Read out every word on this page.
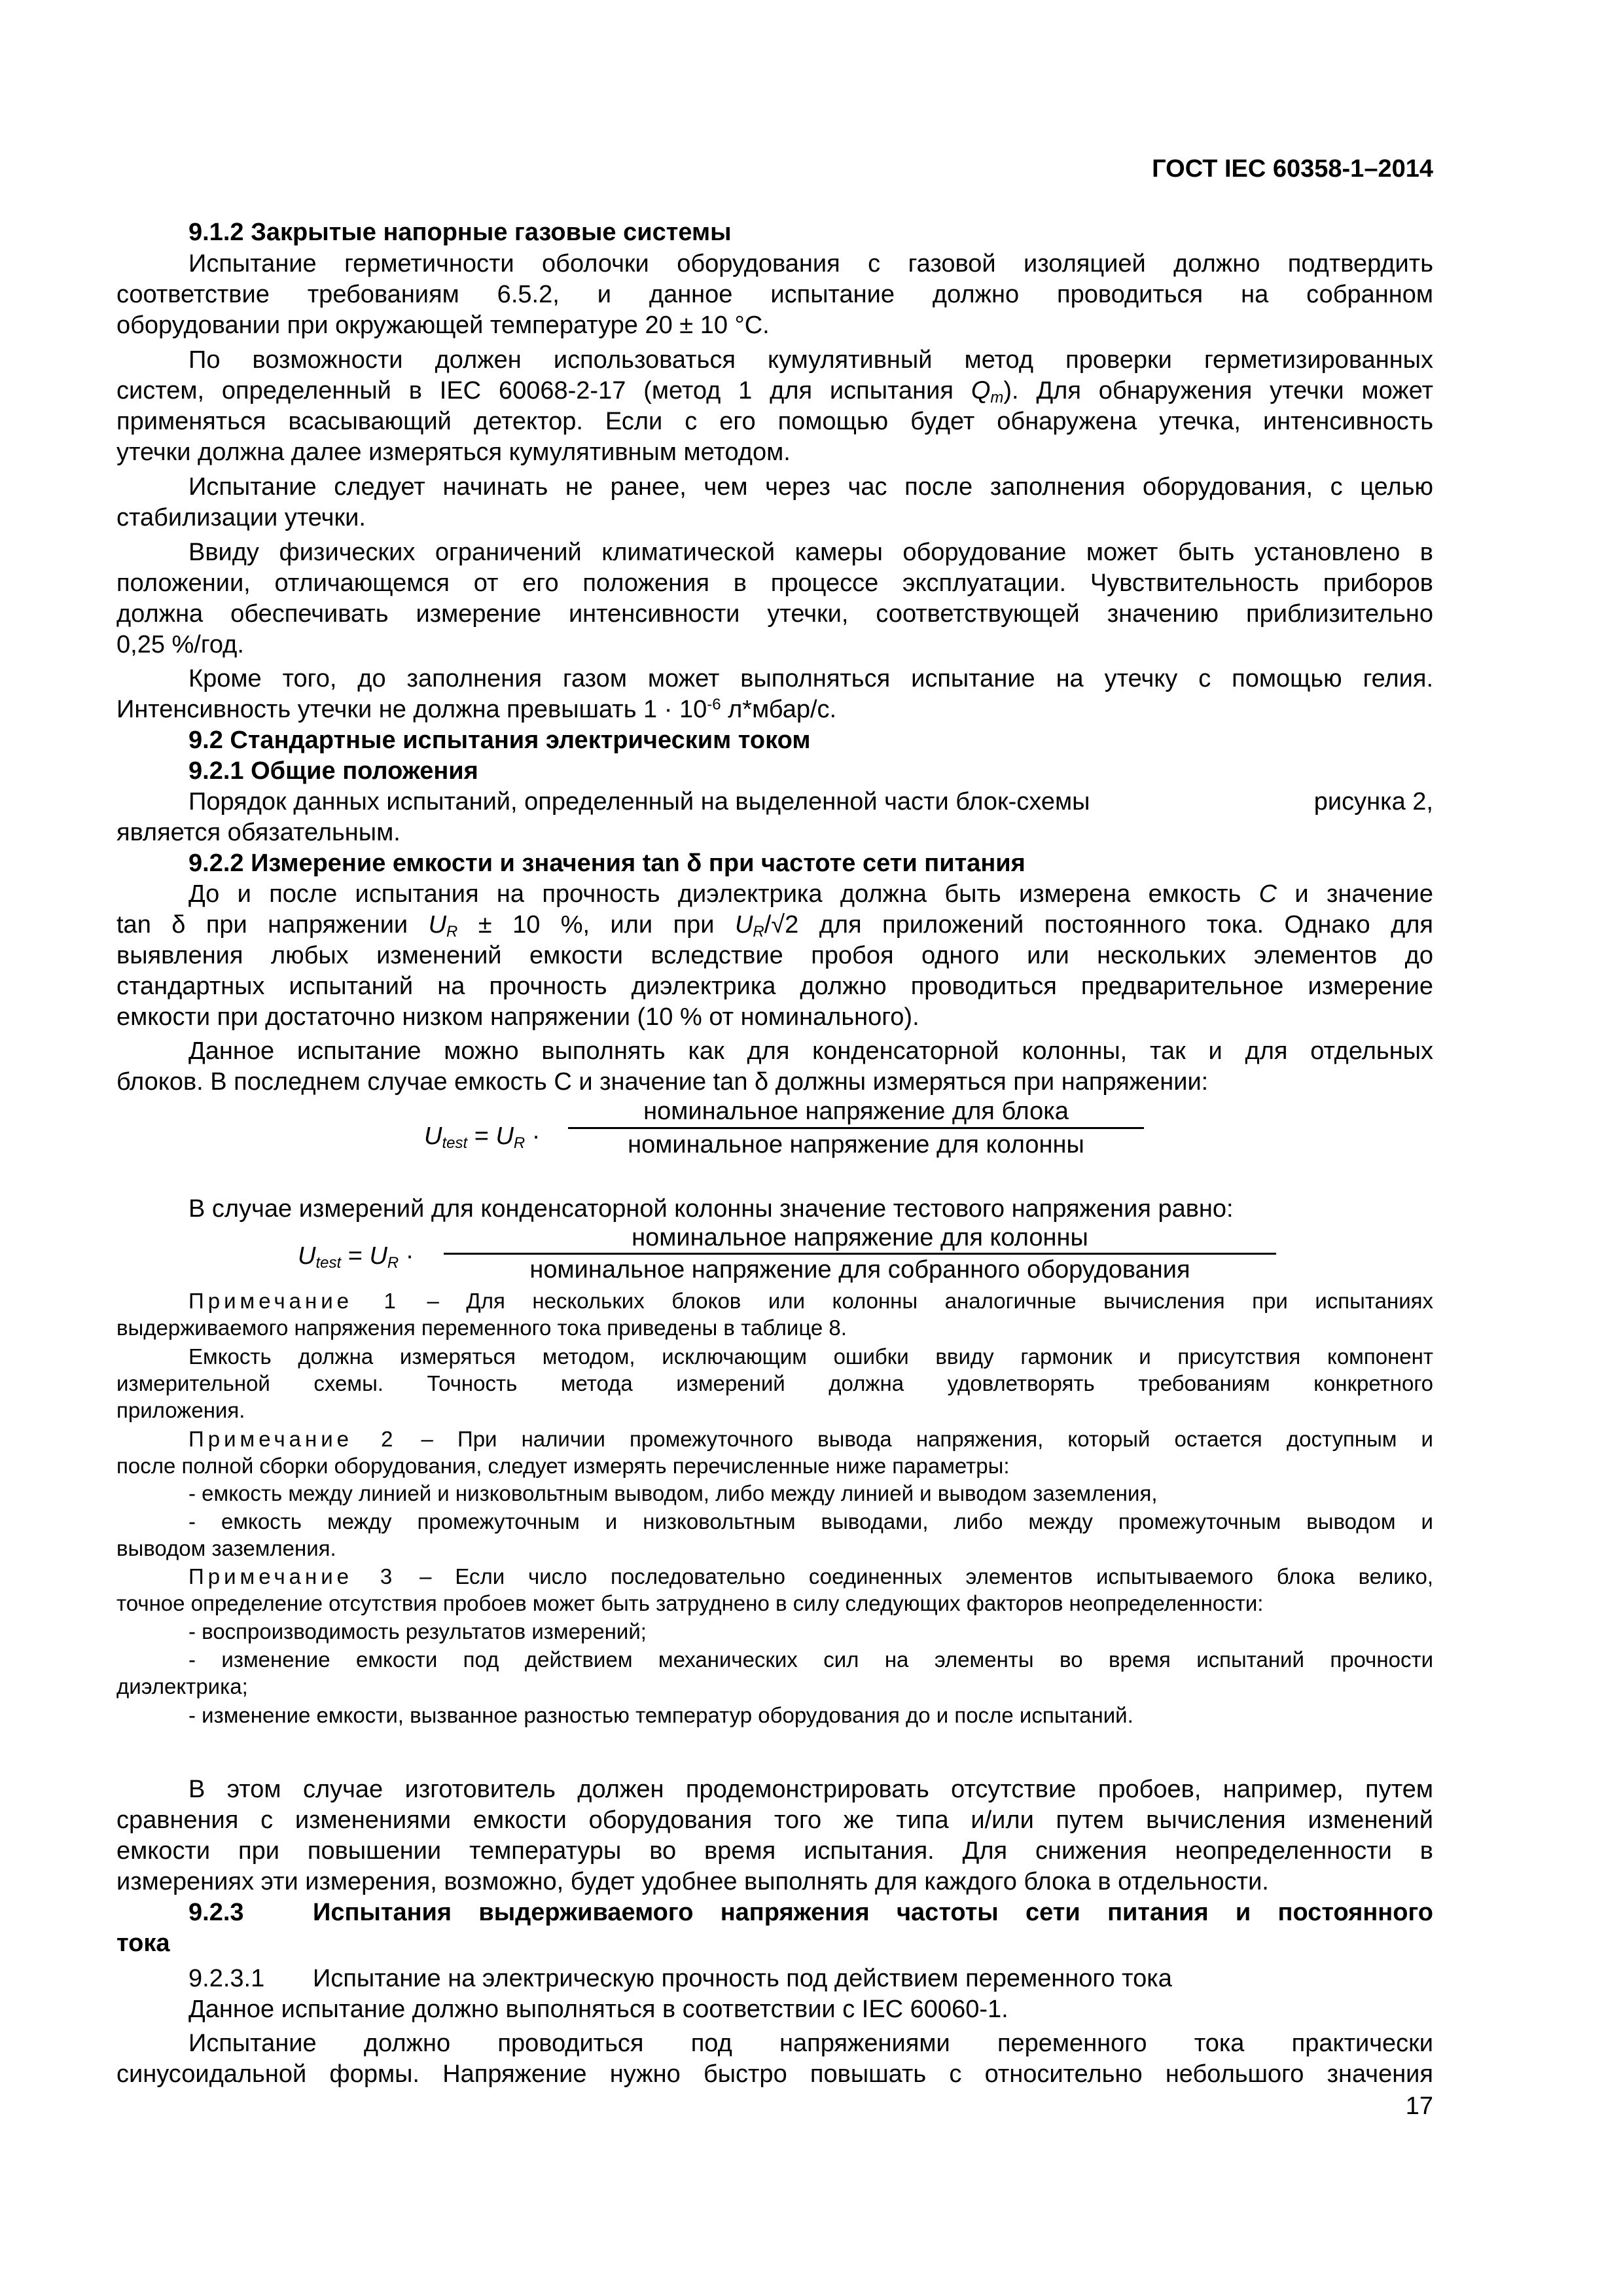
ГОСТ IEC 60358-1–2014
9.1.2 Закрытые напорные газовые системы
Испытание герметичности оболочки оборудования с газовой изоляцией должно подтвердить
соответствие требованиям 6.5.2, и данное испытание должно проводиться на собранном
оборудовании при окружающей температуре 20 ± 10 °С.
По возможности должен использоваться кумулятивный метод проверки герметизированных
систем, определенный в IEC 60068-2-17 (метод 1 для испытания $Q_m$). Для обнаружения утечки может
применяться всасывающий детектор. Если с его помощью будет обнаружена утечка, интенсивность
утечки должна далее измеряться кумулятивным методом.
Испытание следует начинать не ранее, чем через час после заполнения оборудования, с целью
стабилизации утечки.
Ввиду физических ограничений климатической камеры оборудование может быть установлено в
положении, отличающемся от его положения в процессе эксплуатации. Чувствительность приборов
должна обеспечивать измерение интенсивности утечки, соответствующей значению приблизительно
0,25 %/год.
Кроме того, до заполнения газом может выполняться испытание на утечку с помощью гелия.
Интенсивность утечки не должна превышать $1 \cdot 10^{-6}$ л*мбар/с.
9.2 Стандартные испытания электрическим током
9.2.1 Общие положения
Порядок данных испытаний, определенный на выделенной части блок-схемы	рисунка 2,
является обязательным.
9.2.2 Измерение емкости и значения tan δ при частоте сети питания
До и после испытания на прочность диэлектрика должна быть измерена емкость C и значение
tan δ при напряжении $U_R \pm 10$ %, или при $U_R/√2$ для приложений постоянного тока. Однако для
выявления любых изменений емкости вследствие пробоя одного или нескольких элементов до
стандартных испытаний на прочность диэлектрика должно проводиться предварительное измерение
емкости при достаточно низком напряжении (10 % от номинального).
Данное испытание можно выполнять как для конденсаторной колонны, так и для отдельных
блоков. В последнем случае емкость С и значение tan δ должны измеряться при напряжении:
$U_{test} = U_R$ ·
номинальное напряжение для блока
номинальное напряжение для колонны
В случае измерений для конденсаторной колонны значение тестового напряжения равно:
$U_{test} = U_R$ ·
номинальное напряжение для колонны
номинальное напряжение для собранного оборудования
Примечание 1 – Для нескольких блоков или колонны аналогичные вычисления при испытаниях
выдерживаемого напряжения переменного тока приведены в таблице 8.
Емкость должна измеряться методом, исключающим ошибки ввиду гармоник и присутствия компонент
измерительной схемы. Точность метода измерений должна удовлетворять требованиям конкретного
приложения.
Примечание 2 – При наличии промежуточного вывода напряжения, который остается доступным и
после полной сборки оборудования, следует измерять перечисленные ниже параметры:
- емкость между линией и низковольтным выводом, либо между линией и выводом заземления,
- емкость между промежуточным и низковольтным выводами, либо между промежуточным выводом и
выводом заземления.
Примечание 3 – Если число последовательно соединенных элементов испытываемого блока велико,
точное определение отсутствия пробоев может быть затруднено в силу следующих факторов неопределенности:
- воспроизводимость результатов измерений;
- изменение емкости под действием механических сил на элементы во время испытаний прочности
диэлектрика;
- изменение емкости, вызванное разностью температур оборудования до и после испытаний.
В этом случае изготовитель должен продемонстрировать отсутствие пробоев, например, путем
сравнения с изменениями емкости оборудования того же типа и/или путем вычисления изменений
емкости при повышении температуры во время испытания. Для снижения неопределенности в
измерениях эти измерения, возможно, будет удобнее выполнять для каждого блока в отдельности.
9.2.3	Испытания выдерживаемого напряжения частоты сети питания и постоянного
тока
9.2.3.1	Испытание на электрическую прочность под действием переменного тока
Данное испытание должно выполняться в соответствии с IEC 60060-1.
Испытание должно проводиться под напряжениями переменного тока практически
синусоидальной формы. Напряжение нужно быстро повышать с относительно небольшого значения
17
